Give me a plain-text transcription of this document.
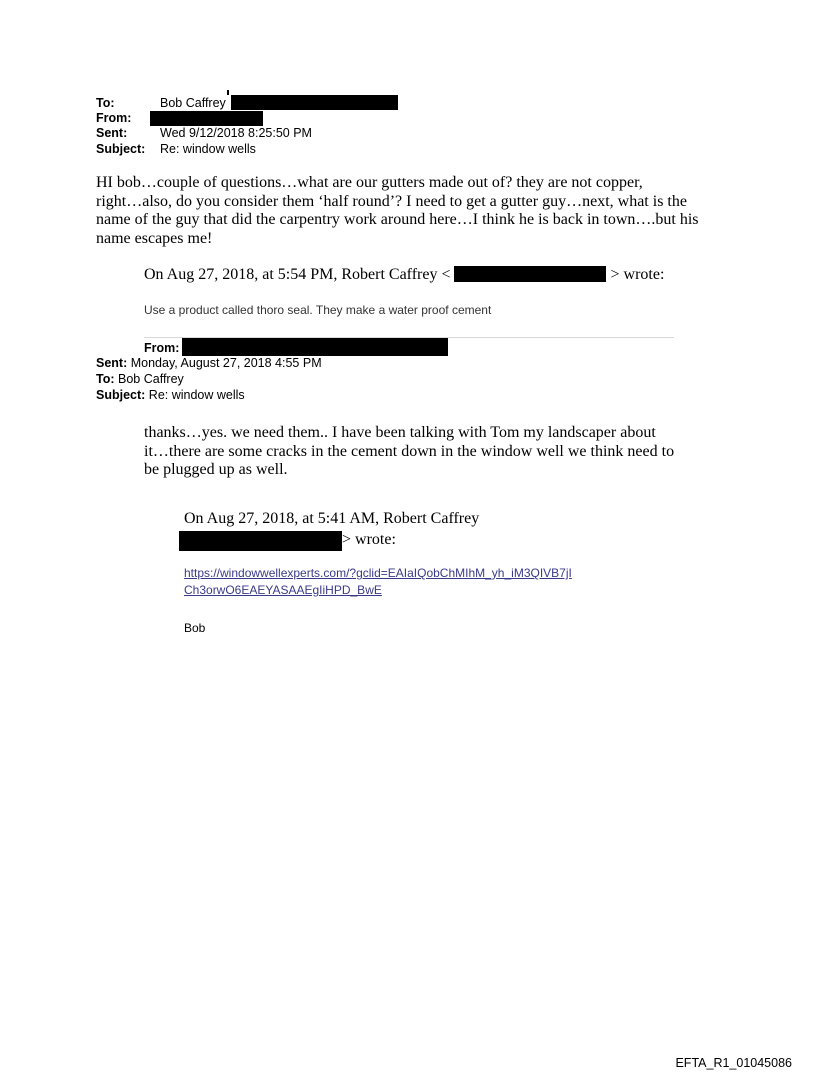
To:	Bob Caffrey
From:
Sent:	Wed 9/12/2018 8:25:50 PM
Subject: Re: window wells
HI bob…couple of questions…what are our gutters made out of? they are not copper,
right…also, do you consider them ‘half round’? I need to get a gutter guy…next, what is the
name of the guy that did the carpentry work around here…I think he is back in town….but his
name escapes me!
On Aug 27, 2018, at 5:54 PM, Robert Caffrey <	> wrote:
Use a product called thoro seal. They make a water proof cement
From:
Sent: Monday, August 27, 2018 4:55 PM
To: Bob Caffrey
Subject: Re: window wells
thanks…yes. we need them.. I have been talking with Tom my landscaper about
it…there are some cracks in the cement down in the window well we think need to
be plugged up as well.
On Aug 27, 2018, at 5:41 AM, Robert Caffrey
> wrote:
https://windowwellexperts.com/?gclid=EAIaIQobChMIhM_yh_iM3QIVB7jI
Ch3orwO6EAEYASAAEgIiHPD_BwE
Bob
EFTA_R1_01045086
